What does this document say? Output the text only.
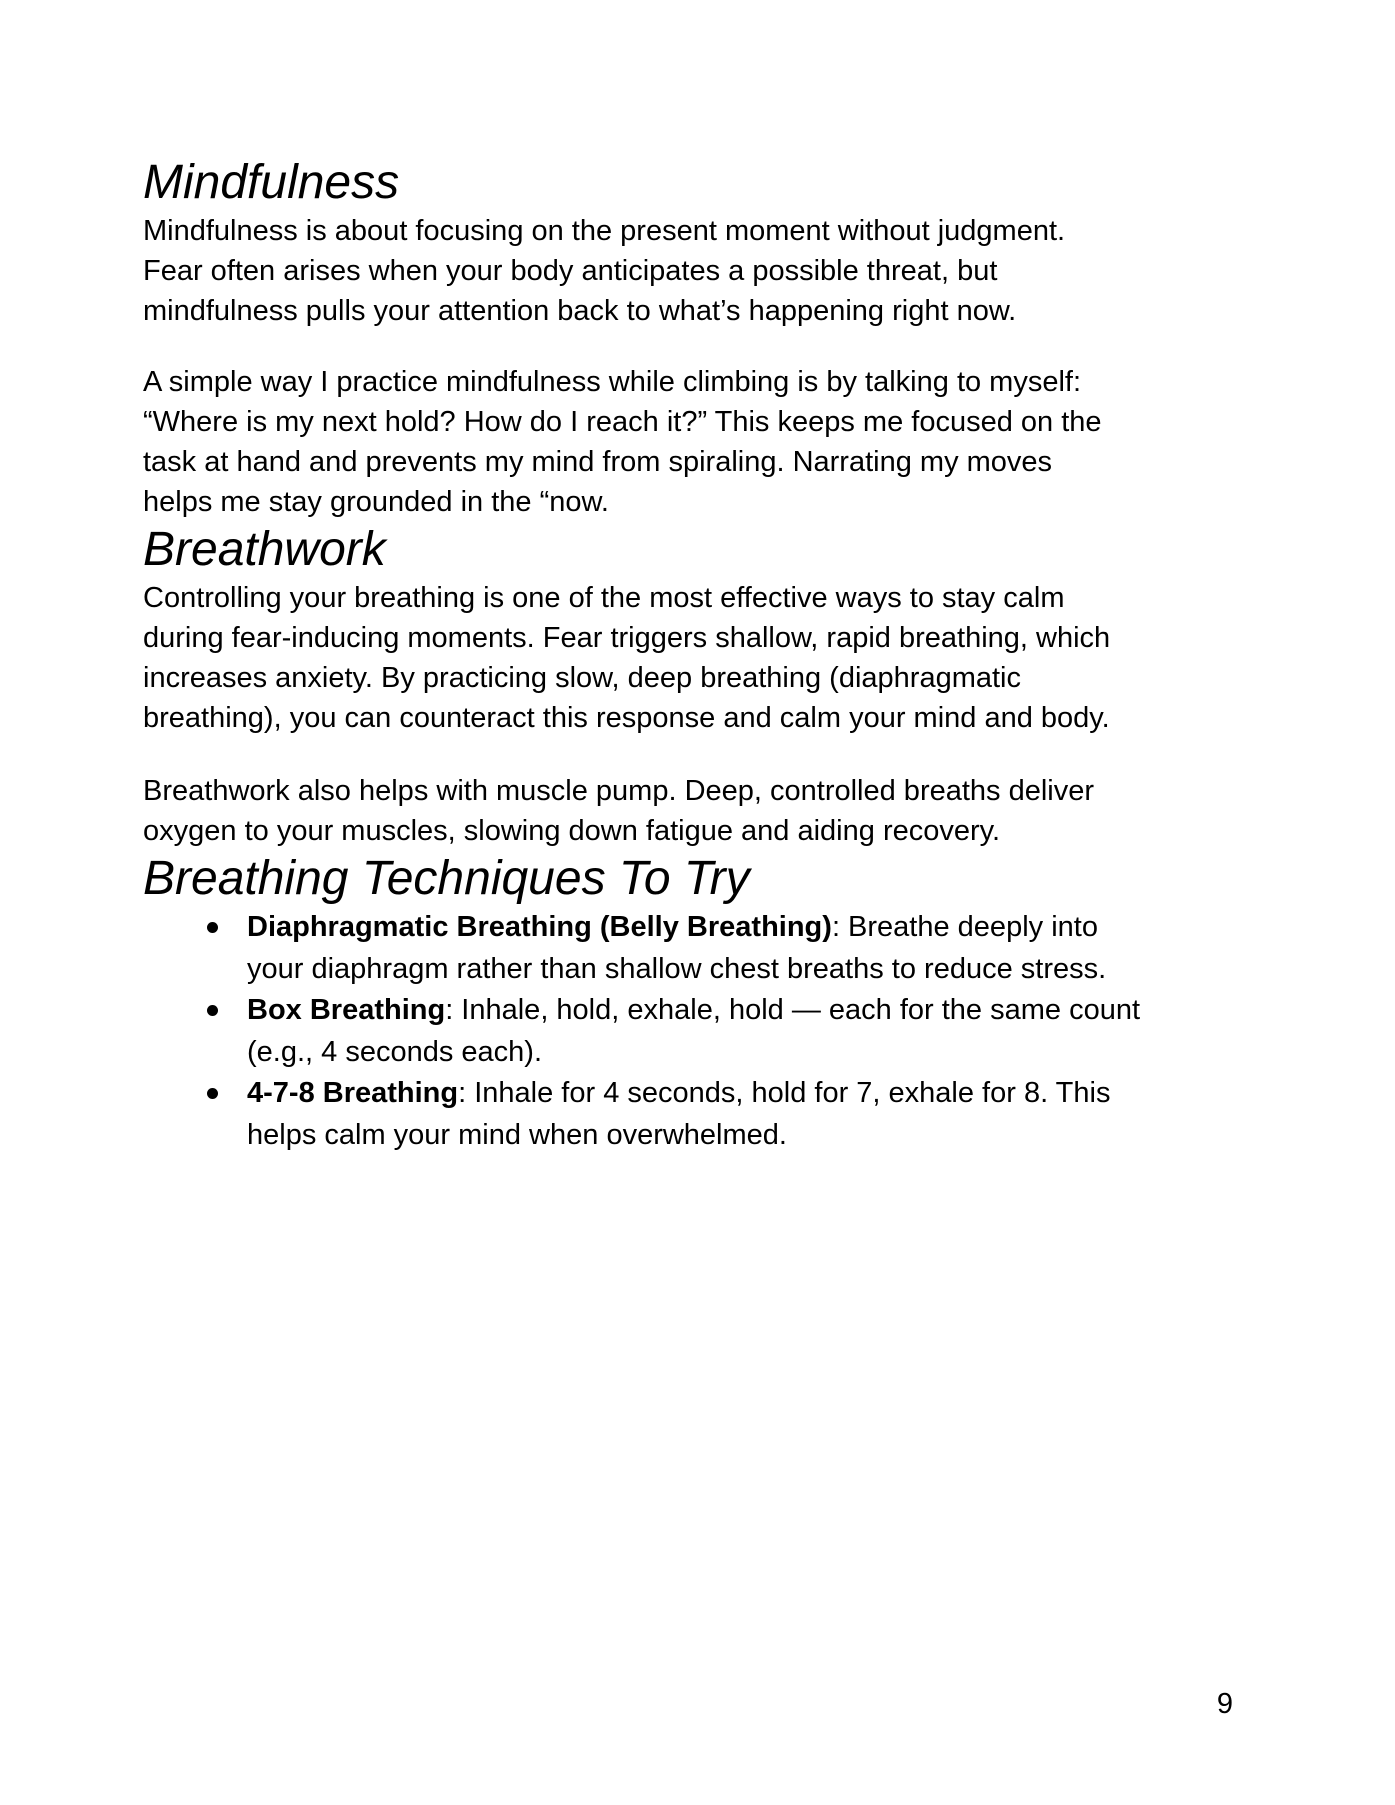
Mindfulness
Mindfulness is about focusing on the present moment without judgment.
Fear often arises when your body anticipates a possible threat, but
mindfulness pulls your attention back to what’s happening right now.
A simple way I practice mindfulness while climbing is by talking to myself:
“Where is my next hold? How do I reach it?” This keeps me focused on the
task at hand and prevents my mind from spiraling. Narrating my moves
helps me stay grounded in the “now.
Breathwork
Controlling your breathing is one of the most effective ways to stay calm
during fear-inducing moments. Fear triggers shallow, rapid breathing, which
increases anxiety. By practicing slow, deep breathing (diaphragmatic
breathing), you can counteract this response and calm your mind and body.
Breathwork also helps with muscle pump. Deep, controlled breaths deliver
oxygen to your muscles, slowing down fatigue and aiding recovery.
Breathing Techniques To Try
Diaphragmatic Breathing (Belly Breathing): Breathe deeply into
your diaphragm rather than shallow chest breaths to reduce stress.
Box Breathing: Inhale, hold, exhale, hold — each for the same count
(e.g., 4 seconds each).
4-7-8 Breathing: Inhale for 4 seconds, hold for 7, exhale for 8. This
helps calm your mind when overwhelmed.
9
